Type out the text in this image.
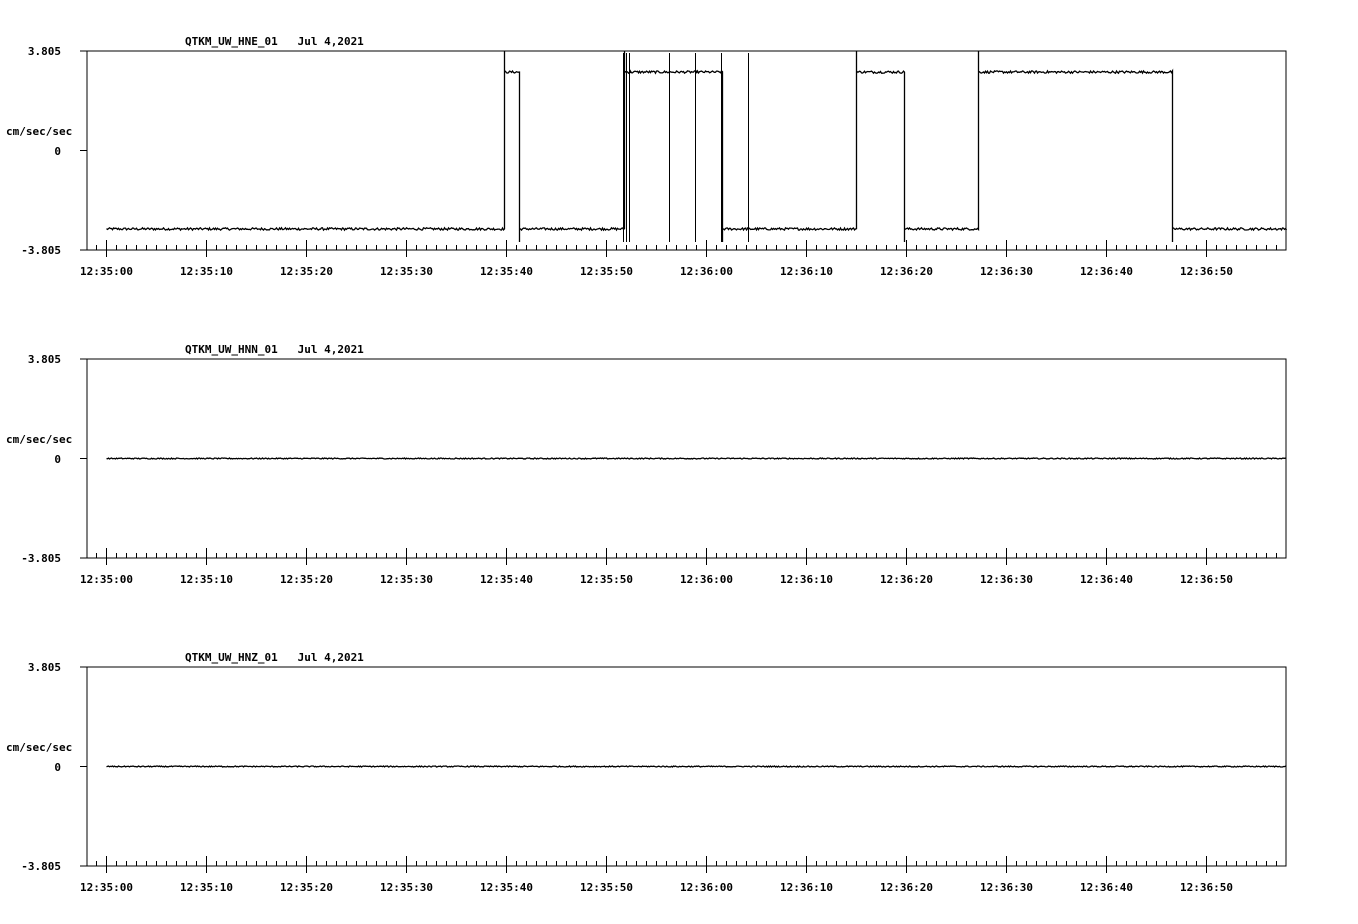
QTKM_UW_HNE_01   Jul 4,2021
cm/sec/sec
3.805
0
-3.805
12:35:00	12:35:10	12:35:20	12:35:30	12:35:40	12:35:50	12:36:00	12:36:10	12:36:20	12:36:30	12:36:40	12:36:50
QTKM_UW_HNN_01   Jul 4,2021
cm/sec/sec
3.805
0
-3.805
12:35:00	12:35:10	12:35:20	12:35:30	12:35:40	12:35:50	12:36:00	12:36:10	12:36:20	12:36:30	12:36:40	12:36:50
QTKM_UW_HNZ_01   Jul 4,2021
cm/sec/sec
3.805
0
-3.805
12:35:00	12:35:10	12:35:20	12:35:30	12:35:40	12:35:50	12:36:00	12:36:10	12:36:20	12:36:30	12:36:40	12:36:50
